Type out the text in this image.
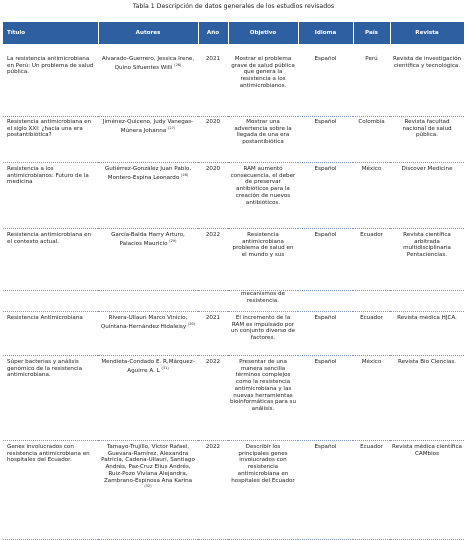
Tabla 1 Descripción de datos generales de los estudios revisados
Título	Autores	Año	Objetivo	Idioma	País	Revista
La resistencia antimicrobiana en Perú: Un problema de salud pública.	Alvarado-Guerrero, Jessica Irene, Quino Sifuentes Willi $^{(26)}$	2021	Mostrar el problema grave de salud pública que genera la resistencia a los antimicrobianos.	Español	Perú	Revista de investigación científica y tecnológica.
Resistencia antimicrobiana en el siglo XXI: ¿hacia una era postantibiótica?	Jiménez-Quiceno, Judy Vanegas-Múnera Johanna $^{(27)}$	2020	Mostrar una advertencia sobre la llegada de una era postantibiótica	Español	Colombia	Revista facultad nacional de salud pública.
Resistencia a los antimicrobianos: Futuro de la medicina	Gutiérrez-González Juan Pablo, Montero-Espina Leonardo $^{(28)}$	2020	RAM aumentó consecuencia, el deber de preservar antibióticos para la creación de nuevos antibióticos.	Español	México	Discover Medicine
Resistencia antimicrobiana en el contexto actual.	García-Balda Harry Arturo, Palacios Mauricio $^{(29)}$	2022	Resistencia antimicrobiana problema de salud en el mundo y sus	Español	Ecuador	Revista científica arbitrada multidisciplinaria Pentaciencias.
			mecanismos de resistencia.			
Resistencia Antimicrobiana	Rivera-Ullauri Marco Vinicio, Quintana-Hernández Hidaleisy $^{(30)}$	2021	El incremento de la RAM es impulsado por un conjunto diverso de factores.	Español	Ecuador	Revista médica HJCA.
Súper bacterias y análisis genómico de la resistencia antimicrobiana.	Mendieta-Condado E. R,Márquez-Aguirre A. L $^{(31)}$	2022	Presentar de una manera sencilla términos complejos como la resistencia antimicrobiana y las nuevas herramientas bioinformáticas para su análisis.	Español	México	Revista Bio Ciencias.
Genes involucrados con resistencia antimicrobiana en hospitales del Ecuador.	Tamayo-Trujillo, Víctor Rafael, Guevara-Ramírez, Alexandra Patricia, Cadena-Ullauri, Santiago Andrés, Paz-Cruz Elius Andrés, Ruiz-Pozo Viviana Alejandra, Zambrano-Espinosa Ana Karina $^{(32)}$	2022	Describir los principales genes involucrados con resistencia antimicrobiana en hospitales del Ecuador	Español	Ecuador	Revista médica científica CAMbios
